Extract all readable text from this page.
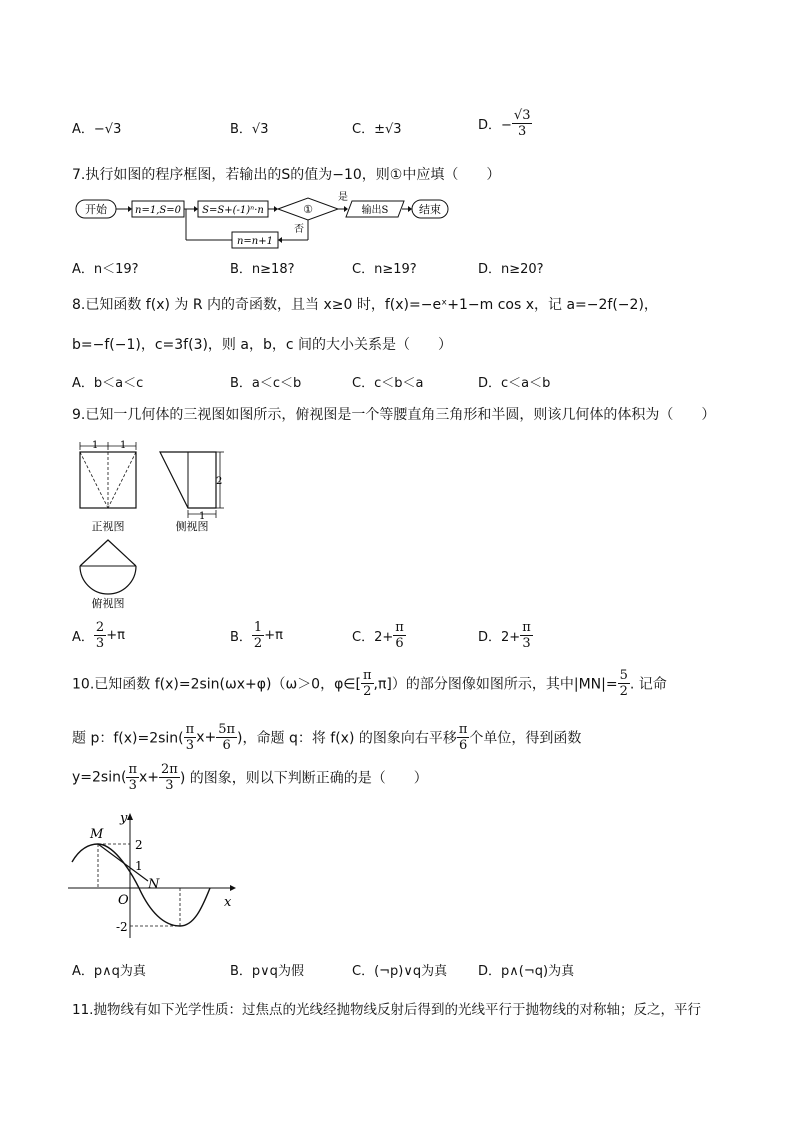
A．−√3	B．√3	C．±√3	D．− $\frac{√3}{3}$
7.执行如图的程序框图，若输出的S的值为−10，则①中应填（　　）
开始	n=1,S=0 S=S+(-1)ⁿ·n	①
是
输出S	结束
否
n=n+1
A．n＜19?	B．n≥18?	C．n≥19?	D．n≥20?
8.已知函数 f(x) 为 R 内的奇函数，且当 x≥0 时，f(x)=−eˣ+1−m cos x，记 a=−2f(−2)，
b=−f(−1)，c=3f(3)，则 a，b，c 间的大小关系是（　　）
A．b＜a＜c	B．a＜c＜b	C．c＜b＜a	D．c＜a＜b
9.已知一几何体的三视图如图所示，俯视图是一个等腰直角三角形和半圆，则该几何体的体积为（　　）
1 1
正视图
2
1
侧视图
俯视图
A． $\frac{2}{3} +\pi$	B． $\frac{1}{2} +\pi$	C．$2+ \frac{\pi}{6}$	D．$2+ \frac{\pi}{3}$
10.已知函数 f(x)=2sin(ωx+φ)（ω＞0，φ∈[ $\frac{\pi}{2} ,\pi$]）的部分图像如图所示，其中$|MN|= \frac{5}{2}$ . 记命
题 p：$f(x)=2\sin( \frac{\pi}{3} x+ \frac{5\pi}{6}$ )，命题 q：将 f(x) 的图象向右平移 $\frac{\pi}{6}$ 个单位，得到函数
$y=2\sin( \frac{\pi}{3} x+ \frac{2\pi}{3}$ ) 的图象，则以下判断正确的是（　　）
y
x
O
2
1
-2
M
N
A．p∧q为真	B．p∨q为假	C．(¬p)∨q为真 D．p∧(¬q)为真
11.抛物线有如下光学性质：过焦点的光线经抛物线反射后得到的光线平行于抛物线的对称轴；反之，平行
